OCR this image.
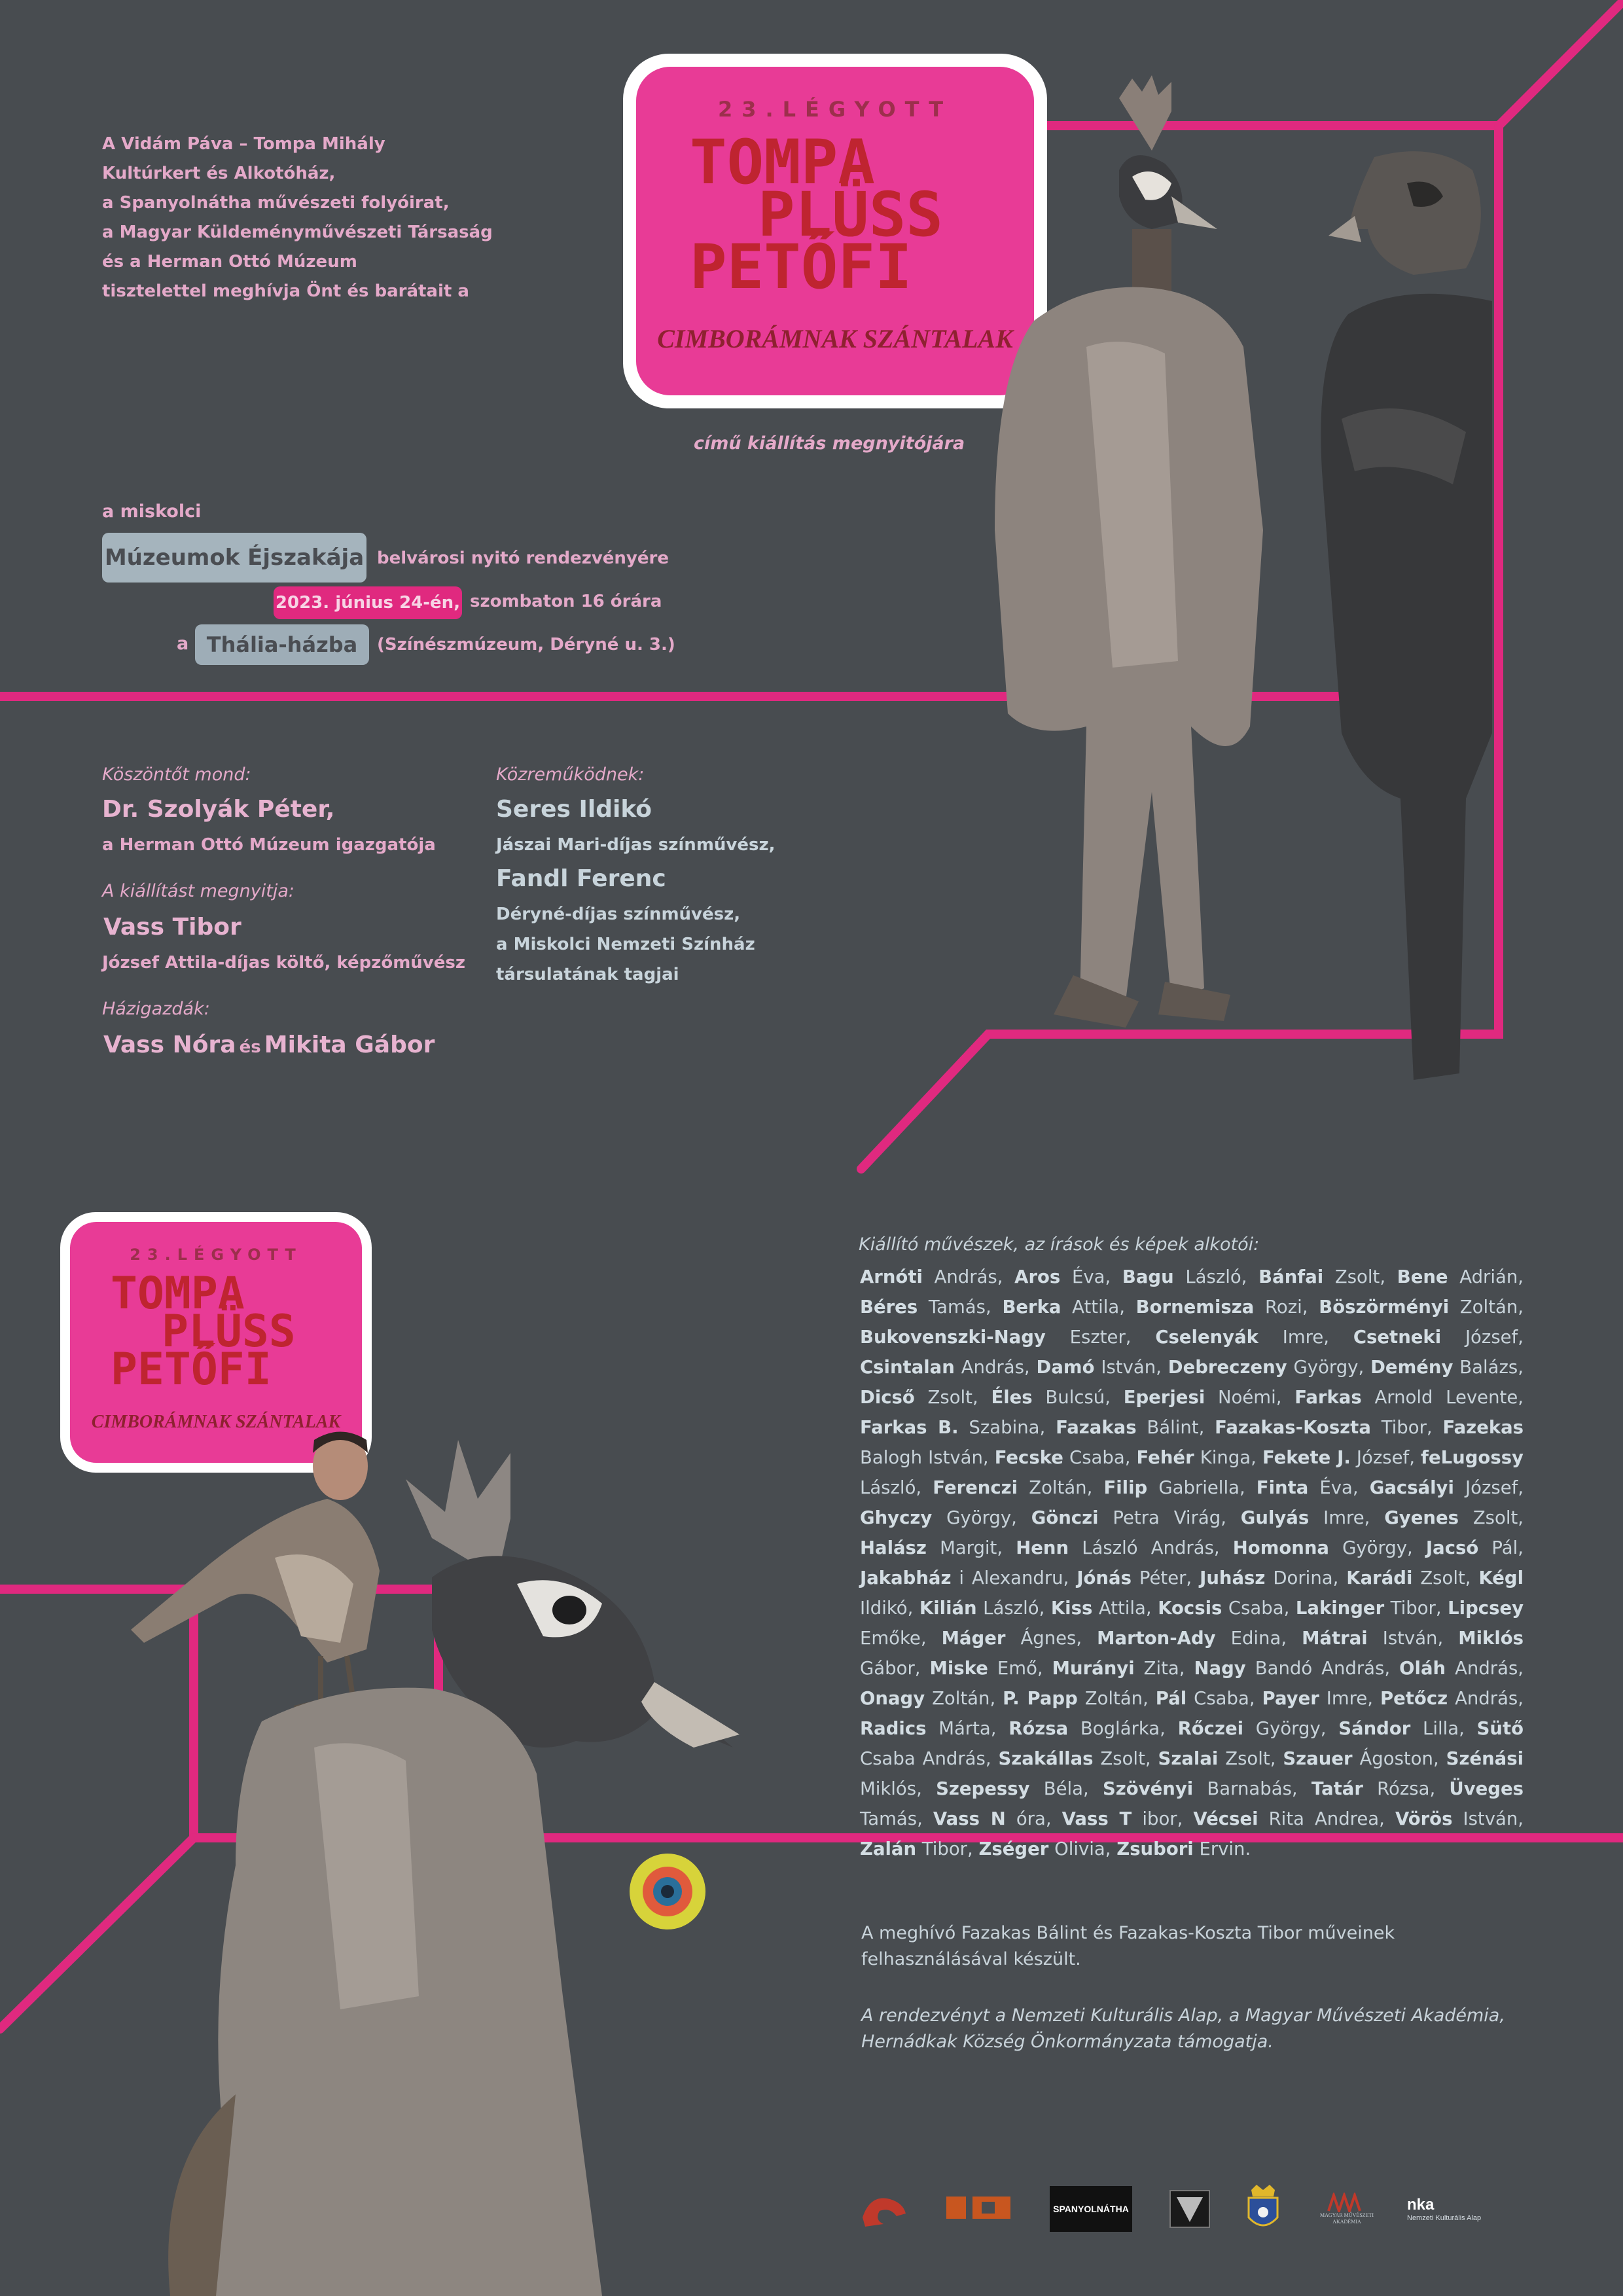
23.LÉGYOTT
TOMPA
PLÜSS
PETŐFI
CIMBORÁMNAK SZÁNTALAK
A Vidám Páva – Tompa Mihály
Kultúrkert és Alkotóház,
a Spanyolnátha művészeti folyóirat,
a Magyar Küldeményművészeti Társaság
és a Herman Ottó Múzeum
tisztelettel meghívja Önt és barátait a
című kiállítás megnyitójára
a miskolci
Múzeumok Éjszakája belvárosi nyitó rendezvényére
2023. június 24-én, szombaton 16 órára
a Thália-házba	(Színészmúzeum, Déryné u. 3.)
Köszöntőt mond:
Dr. Szolyák Péter,
a Herman Ottó Múzeum igazgatója
A kiállítást megnyitja:
Vass Tibor
József Attila-díjas költő, képzőművész
Házigazdák:
Vass Nóra és Mikita Gábor
Közreműködnek:
Seres Ildikó
Jászai Mari-díjas színművész,
Fandl Ferenc
Déryné-díjas színművész,
a Miskolci Nemzeti Színház
társulatának tagjai
Kiállító művészek, az írások és képek alkotói:
Arnóti András, Aros Éva, Bagu László, Bánfai Zsolt, Bene Adrián, Béres Tamás, Berka Attila, Bornemisza Rozi, Böszörményi Zoltán, Bukovenszki-Nagy Eszter, Cselenyák Imre, Csetneki József, Csintalan András, Damó István, Debreczeny György, Demény Balázs, Dicső Zsolt, Éles Bulcsú, Eperjesi Noémi, Farkas Arnold Levente, Farkas B. Szabina, Fazakas Bálint, Fazakas-Koszta Tibor, Fazekas Balogh István, Fecske Csaba, Fehér Kinga, Fekete J. József, feLugossy László, Ferenczi Zoltán, Filip Gabriella, Finta Éva, Gacsályi József, Ghyczy György, Gönczi Petra Virág, Gulyás Imre, Gyenes Zsolt, Halász Margit, Henn László András, Homonna György, Jacsó Pál, Jakabház i Alexandru, Jónás Péter, Juhász Dorina, Karádi Zsolt, Kégl Ildikó, Kilián László, Kiss Attila, Kocsis Csaba, Lakinger Tibor, Lipcsey Emőke, Máger Ágnes, Marton-Ady Edina, Mátrai István, Miklós Gábor, Miske Emő, Murányi Zita, Nagy Bandó András, Oláh András, Onagy Zoltán, P. Papp Zoltán, Pál Csaba, Payer Imre, Petőcz András, Radics Márta, Rózsa Boglárka, Rőczei György, Sándor Lilla, Sütő Csaba András, Szakállas Zsolt, Szalai Zsolt, Szauer Ágoston, Szénási Miklós, Szepessy Béla, Szövényi Barnabás, Tatár Rózsa, Üveges Tamás, Vass N óra, Vass T ibor, Vécsei Rita Andrea, Vörös István, Zalán Tibor, Zséger Olivia, Zsubori Ervin.
23.LÉGYOTT
TOMPA
PLÜSS
PETŐFI
CIMBORÁMNAK SZÁNTALAK
A meghívó Fazakas Bálint és Fazakas-Koszta Tibor műveinek
felhasználásával készült.
A rendezvényt a Nemzeti Kulturális Alap, a Magyar Művészeti Akadémia,
Hernádkak Község Önkormányzata támogatja.
SPANYOLNÁTHA
MAGYAR MŰVÉSZETI AKADÉMIA
nka
Nemzeti Kulturális Alap
